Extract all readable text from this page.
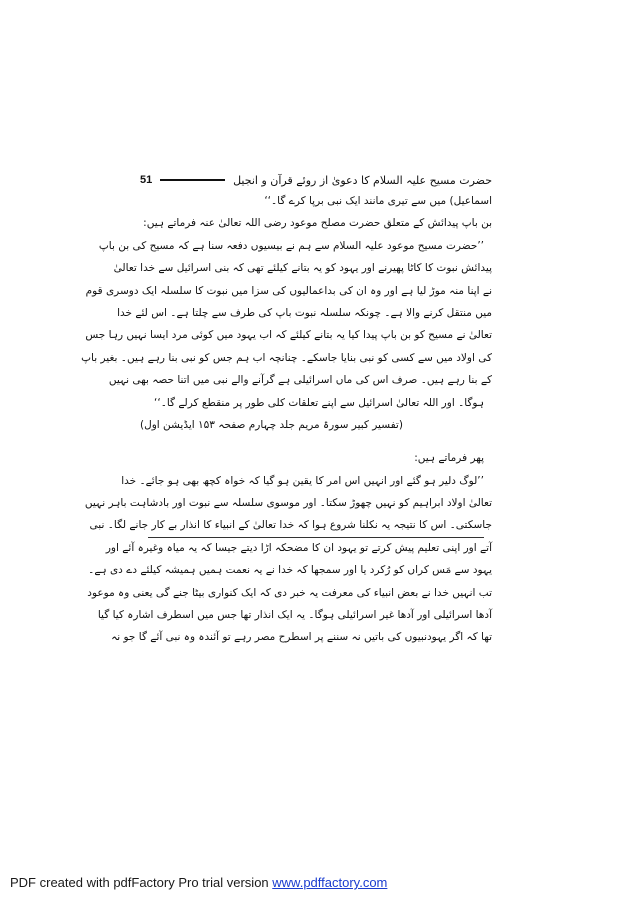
حضرت مسیح علیہ السلام کا دعویٰ از روئے قرآن و انجیل
51
اسماعیل) میں سے تیری مانند ایک نبی برپا کرے گا۔‘‘
بن باپ پیدائش کے متعلق حضرت مصلح موعود رضی اللہ تعالیٰ عنہ فرماتے ہیں:
’’حضرت مسیح موعود علیہ السلام سے ہم نے بیسیوں دفعہ سنا ہے کہ مسیح کی بن باپ
پیدائش نبوت کا کاٹا پھیرنے اور یہود کو یہ بتانے کیلئے تھی کہ بنی اسرائیل سے خدا تعالیٰ
نے اپنا منہ موڑ لیا ہے اور وہ ان کی بداعمالیوں کی سزا میں نبوت کا سلسلہ ایک دوسری قوم
میں منتقل کرنے والا ہے۔ چونکہ سلسلہ نبوت باپ کی طرف سے چلتا ہے۔ اس لئے خدا
تعالیٰ نے مسیح کو بن باپ پیدا کیا یہ بتانے کیلئے کہ اب یہود میں کوئی مرد ایسا نہیں رہا جس
کی اولاد میں سے کسی کو نبی بنایا جاسکے۔ چنانچہ اب ہم جس کو نبی بنا رہے ہیں۔ بغیر باپ
کے بنا رہے ہیں۔ صرف اس کی ماں اسرائیلی ہے گرآنے والے نبی میں اتنا حصہ بھی نہیں
ہوگا۔ اور اللہ تعالیٰ اسرائیل سے اپنے تعلقات کلی طور پر منقطع کرلے گا۔‘‘
(تفسیر کبیر سورۃ مریم جلد چہارم صفحہ ۱۵۳ ایڈیشن اول)
پھر فرماتے ہیں:
’’لوگ دلیر ہو گئے اور انہیں اس امر کا یقین ہو گیا کہ خواہ کچھ بھی ہو جائے۔ خدا
تعالیٰ اولاد ابراہیم کو نہیں چھوڑ سکتا۔ اور موسوی سلسلہ سے نبوت اور بادشاہت باہر نہیں
جاسکتی۔ اس کا نتیجہ یہ نکلنا شروع ہوا کہ خدا تعالیٰ کے انبیاء کا انذار بے کار جانے لگا۔ نبی
آتے اور اپنی تعلیم پیش کرتے تو یہود ان کا مضحکہ اڑا دیتے جیسا کہ یہ میاہ وغیرہ آئے اور
یہود سے مَس کراں کو رُکرد یا اور سمجھا کہ خدا نے یہ نعمت ہمیں ہمیشہ کیلئے دے دی ہے۔
تب انہیں خدا نے بعض انبیاء کی معرفت یہ خبر دی کہ ایک کنواری بیٹا جنے گی یعنی وہ موعود
آدھا اسرائیلی اور آدھا غیر اسرائیلی ہوگا۔ یہ ایک انذار تھا جس میں اسطرف اشارہ کیا گیا
تھا کہ اگر یہودنبیوں کی باتیں نہ سننے پر اسطرح مصر رہے تو آئندہ وہ نبی آئے گا جو نہ
PDF created with pdfFactory Pro trial version www.pdffactory.com
